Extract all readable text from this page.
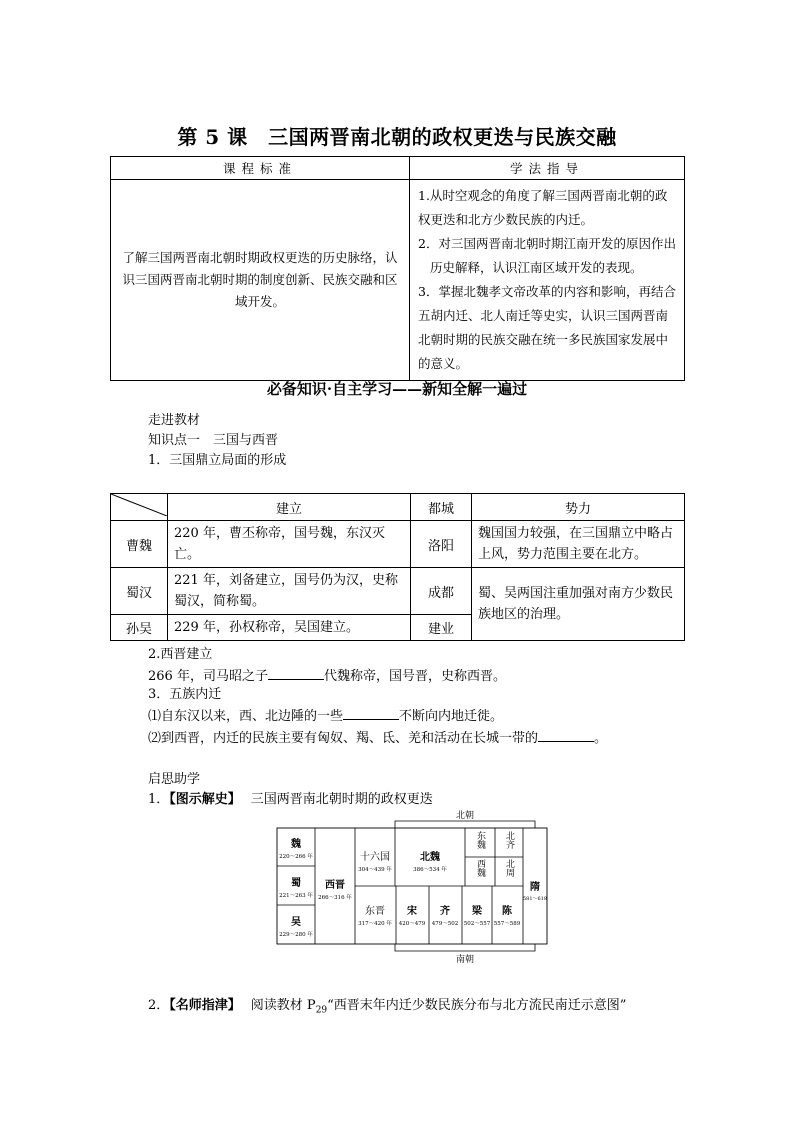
第 5 课　三国两晋南北朝的政权更迭与民族交融
课程标准	学法指导
了解三国两晋南北朝时期政权更迭的历史脉络，认识三国两晋南北朝时期的制度创新、民族交融和区域开发。	1.从时空观念的角度了解三国两晋南北朝的政权更迭和北方少数民族的内迁。
2．对三国两晋南北朝时期江南开发的原因作出历史解释，认识江南区域开发的表现。
3．掌握北魏孝文帝改革的内容和影响，再结合五胡内迁、北人南迁等史实，认识三国两晋南北朝时期的民族交融在统一多民族国家发展中的意义。
必备知识·自主学习——新知全解一遍过
走进教材
知识点一　三国与西晋
1．三国鼎立局面的形成
	建立	都城	势力
曹魏	220 年，曹丕称帝，国号魏，东汉灭亡。	洛阳	魏国国力较强，在三国鼎立中略占上风，势力范围主要在北方。
蜀汉	221 年，刘备建立，国号仍为汉，史称蜀汉，简称蜀。	成都	蜀、吴两国注重加强对南方少数民族地区的治理。
孙吴	229 年，孙权称帝，吴国建立。	建业	
2.西晋建立
266 年，司马昭之子	代魏称帝，国号晋，史称西晋。
3．五族内迁
⑴自东汉以来，西、北边陲的一些	不断向内地迁徙。
⑵到西晋，内迁的民族主要有匈奴、羯、氐、羌和活动在长城一带的	。
启思助学
1．【图示解史】 三国两晋南北朝时期的政权更迭
北朝
南朝
魏
220～266 年
蜀
221～263 年
吴
229～280 年
西晋
266～316 年
十六国
304～439 年
北魏
386～534 年
东魏
西魏
北齐
北周
隋
581～618
东晋
317～420 年
宋
420～479
齐
479～502
梁
502～557
陈
557～589
2．【名师指津】 阅读教材 $P_{29}“$西晋末年内迁少数民族分布与北方流民南迁示意图”
